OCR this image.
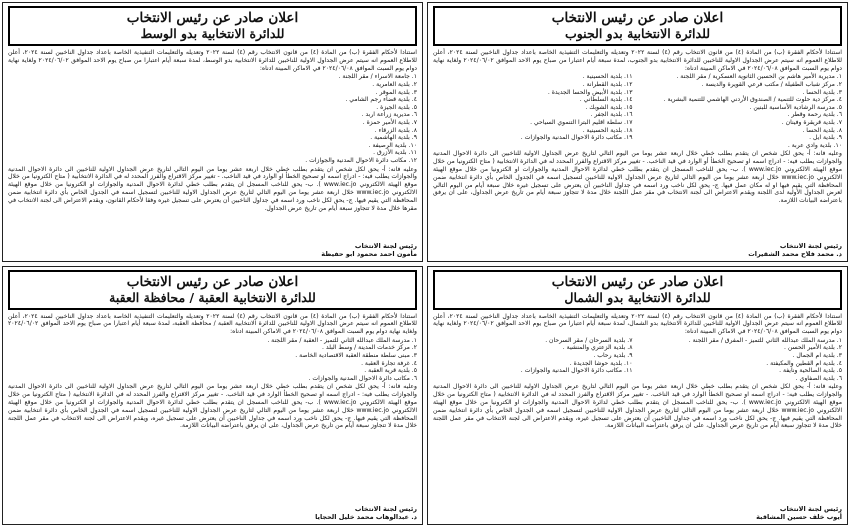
اعلان صادر عن رئيس الانتخاب
للدائرة الانتخابية بدو الجنوب

استنادا لأحكام الفقرة (ب) من المادة (٤) من قانون الانتخاب رقم (٤) لسنة ٢٠٢٢ وتعديله والتعليمات التنفيذية الخاصة باعداد جداول الناخبين لسنة ٢٠٢٤، أعلن للاطلاع العموم انه سيتم عرض الجداول الاولية للناخبين للدائرة الانتخابية بدو الجنوب، لمدة سبعة أيام اعتبارا من صباح يوم الاحد الموافق ٢٠٢٤/٠٦/٠٢ ولغاية نهاية دوام يوم السبت الموافق ٢٠٢٤/٠٦/٠٨ في الاماكن المبينة ادناه:

١. مديرية الأمير هاشم بن الحسين الثانوية العسكرية / مقر اللجنة .
١١. بلدية الحسينية .
٢. مركز شباب الطفيلة / مكتب فرعي القويرة والديسة .
١٢. بلدية القطرانة .
٣. بلدية الحسا .
١٣. بلدية الأبيض والحسا الجديدة .
٤. مركز دية حلوت للتنمية / الصندوق الأردني الهاشمي للتنمية البشرية .
١٤. بلدية السلطاني .
٥. مدرسة الرشادية الأساسية للبنين .
١٥. بلدية الشوبك .
٦. بلدية رحمة وقطر .
١٦. بلدية الجفر .
٧. بلدية قريقرة وفينان .
١٧. سلطة اقليم البترا التنموي السياحي .
٨. بلدية الحسا .
١٨. بلدية الحسينية .
٩. بلدية ايل .
١٩. مكاتب دائرة الاحوال المدنية والجوازات .
١٠. بلدية وادي عربة .

وعليه فانه: أ- يحق لكل شخص ان يتقدم بطلب خطي خلال اربعة عشر يوما من اليوم التالي لتاريخ عرض الجداول الاولية للناخبين الى دائرة الاحوال المدنية والجوازات يطلب فيه: - ادراج اسمه او تصحيح الخطأ أو الوارد في قيد الناخب. - تغيير مركز الاقتراع والفرز المحدد له في الدائرة الانتخابية ( متاح الكترونيا من خلال موقع الهيئة الالكتروني www.iec.jo ). ب- يحق للناخب المسجل ان يتقدم بطلب خطي لدائرة الاحوال المدنية والجوازات او الكترونيا من خلال موقع الهيئة الالكتروني www.iec.jo خلال اربعة عشر يوما من اليوم التالي لتاريخ عرض الجداول الاولية للناخبين لتسجيل اسمه في الجدول الخاص بأي دائرة انتخابية ضمن المحافظة التي يقيم فيها او له مكان عمل فيها. ج- يحق لكل ناخب ورد اسمه في جداول الناخبين أن يعترض على تسجيل غيره خلال سبعة أيام من اليوم التالي لعرض الجداول الأولية لدى اللجنة ويقدم الاعتراض الى لجنة الانتخاب في مقر عمل اللجنة خلال مدة لا تتجاوز سبعة أيام من تاريخ عرض الجداول، على ان يرفق باعتراضه البيانات اللازمة.

رئيس لجنة الانتخاب
د. محمد فلاح محمد الشقيرات
اعلان صادر عن رئيس الانتخاب
للدائرة الانتخابية بدو الوسط

استنادا لأحكام الفقرة (ب) من المادة (٤) من قانون الانتخاب رقم (٤) لسنة ٢٠٢٢ وتعديله والتعليمات التنفيذية الخاصة باعداد جداول الناخبين لسنة ٢٠٢٤، أعلن للاطلاع العموم انه سيتم عرض الجداول الاولية للناخبين للدائرة الانتخابية بدو الوسط، لمدة سبعة أيام اعتبارا من صباح يوم الاحد الموافق ٢٠٢٤/٠٦/٠٢ ولغاية نهاية دوام يوم السبت الموافق ٢٠٢٤/٠٦/٠٨ في الاماكن المبينة ادناه:

١. جامعة الاسراء / مقر اللجنة .
٢. بلدية العامرية .
٣. بلدية الموقر .
٤. بلدية قضاء رجم الشامي .
٥. بلدية الجيزة .
٦. مديرية زراعة اربد .
٧. بلدية الأمير حمزة .
٨. بلدية الزرقاء .
٩. بلدية الهاشمية .
١٠. بلدية الرصيفة .
١١. بلدية الأزرق .
١٢. مكاتب دائرة الاحوال المدنية والجوازات .

وعليه فانه: أ- يحق لكل شخص ان يتقدم بطلب خطي خلال اربعة عشر يوما من اليوم التالي لتاريخ عرض الجداول الاولية للناخبين الى دائرة الاحوال المدنية والجوازات يطلب فيه: - ادراج اسمه او تصحيح الخطأ او الوارد في قيد الناخب. - تغيير مركز الاقتراع والفرز المحدد له في الدائرة الانتخابية ( متاح الكترونيا من خلال موقع الهيئة الالكتروني www.iec.jo ). ب- يحق للناخب المسجل ان يتقدم بطلب خطي لدائرة الاحوال المدنية والجوازات او الكترونيا من خلال موقع الهيئة الالكتروني www.iec.jo خلال اربعة عشر يوما من اليوم التالي لتاريخ عرض الجداول الاولية للناخبين لتسجيل اسمه في الجدول الخاص بأي دائرة انتخابية ضمن المحافظة التي يقيم فيها. ج- يحق لكل ناخب ورد اسمه في جداول الناخبين أن يعترض على تسجيل غيره وفقا لأحكام القانون، ويقدم الاعتراض الى لجنة الانتخاب في مقرها خلال مدة لا تتجاوز سبعة أيام من تاريخ عرض الجداول.

رئيس لجنة الانتخاب
مأمون احمد محمود ابو حفيظة
اعلان صادر عن رئيس الانتخاب
للدائرة الانتخابية بدو الشمال

استنادا لأحكام الفقرة (ب) من المادة (٤) من قانون الانتخاب رقم (٤) لسنة ٢٠٢٢ وتعديله والتعليمات التنفيذية الخاصة باعداد جداول الناخبين لسنة ٢٠٢٤، أعلن للاطلاع العموم انه سيتم عرض الجداول الاولية للناخبين للدائرة الانتخابية بدو الشمال، لمدة سبعة أيام اعتبارا من صباح يوم الاحد الموافق ٢٠٢٤/٠٦/٠٢ ولغاية نهاية دوام يوم السبت الموافق ٢٠٢٤/٠٦/٠٨ في الاماكن المبينة ادناه:

١. مدرسة الملك عبدالله الثاني للتميز - المفرق / مقر اللجنة .
٧. بلدية السرحان / مقر السرحان .
٢. بلدية الأمير الحسن .
٨. بلدية الزعتري والمنشية .
٣. بلدية ام الجمال .
٩. بلدية رحاب .
٤. بلدية ام القطين والمكيفتة .
١٠. بلدية حوشا الجديدة .
٥. بلدية الصالحية ونايفة .
١١. مكاتب دائرة الاحوال المدنية والجوازات .
٦. بلدية الصفاوي .

وعليه فانه: أ- يحق لكل شخص ان يتقدم بطلب خطي خلال اربعة عشر يوما من اليوم التالي لتاريخ عرض الجداول الاولية للناخبين الى دائرة الاحوال المدنية والجوازات يطلب فيه: - ادراج اسمه او تصحيح الخطأ الوارد في قيد الناخب. - تغيير مركز الاقتراع والفرز المحدد له في الدائرة الانتخابية ( متاح الكترونيا من خلال موقع الهيئة الالكتروني www.iec.jo ). ب- يحق للناخب المسجل ان يتقدم بطلب خطي لدائرة الاحوال المدنية والجوازات او الكترونيا من خلال موقع الهيئة الالكتروني www.iec.jo خلال اربعة عشر يوما من اليوم التالي لتاريخ عرض الجداول الاولية للناخبين لتسجيل اسمه في الجدول الخاص بأي دائرة انتخابية ضمن المحافظة التي يقيم فيها. ج- يحق لكل ناخب ورد اسمه في جداول الناخبين أن يعترض على تسجيل غيره، ويقدم الاعتراض الى لجنة الانتخاب في مقر عمل اللجنة خلال مدة لا تتجاوز سبعة أيام من تاريخ عرض الجداول، على ان يرفق باعتراضه البيانات اللازمة.

رئيس لجنة الانتخاب
أيوب خلف حسين المشاقبة
اعلان صادر عن رئيس الانتخاب
للدائرة الانتخابية العقبة / محافظة العقبة

استنادا لأحكام الفقرة (ب) من المادة (٤) من قانون الانتخاب رقم (٤) لسنة ٢٠٢٢ وتعديله والتعليمات التنفيذية الخاصة باعداد جداول الناخبين لسنة ٢٠٢٤، أعلن للاطلاع العموم انه سيتم عرض الجداول الاولية للناخبين للدائرة الانتخابية العقبة / محافظة العقبة، لمدة سبعة أيام اعتبارا من صباح يوم الاحد الموافق ٢٠٢٤/٠٦/٠٢ ولغاية نهاية دوام يوم السبت الموافق ٢٠٢٤/٠٦/٠٨ في الاماكن المبينة ادناه:

١. مدرسة الملك عبدالله الثاني للتميز - العقبة / مقر اللجنة .
٢. مركز خدمات المدينة / وسط البلد .
٣. مبنى سلطة منطقة العقبة الاقتصادية الخاصة .
٤. غرفة تجارة العقبة .
٥. بلدية قرية العقبة .
٦. مكاتب دائرة الاحوال المدنية والجوازات .

وعليه فانه: أ- يحق لكل شخص ان يتقدم بطلب خطي خلال اربعة عشر يوما من اليوم التالي لتاريخ عرض الجداول الاولية للناخبين الى دائرة الاحوال المدنية والجوازات يطلب فيه: - ادراج اسمه او تصحيح الخطأ الوارد في قيد الناخب. - تغيير مركز الاقتراع والفرز المحدد له في الدائرة الانتخابية ( متاح الكترونيا من خلال موقع الهيئة الالكتروني www.iec.jo ). ب- يحق للناخب المسجل ان يتقدم بطلب خطي لدائرة الاحوال المدنية والجوازات او الكترونيا من خلال موقع الهيئة الالكتروني www.iec.jo خلال اربعة عشر يوما من اليوم التالي لتاريخ عرض الجداول الاولية للناخبين لتسجيل اسمه في الجدول الخاص بأي دائرة انتخابية ضمن المحافظة التي يقيم فيها. ج- يحق لكل ناخب ورد اسمه في جداول الناخبين أن يعترض على تسجيل غيره، ويقدم الاعتراض الى لجنة الانتخاب في مقر عمل اللجنة خلال مدة لا تتجاوز سبعة أيام من تاريخ عرض الجداول، على ان يرفق باعتراضه البيانات اللازمة.

رئيس لجنة الانتخاب
د. عبدالوهاب محمد خليل الحجايا
